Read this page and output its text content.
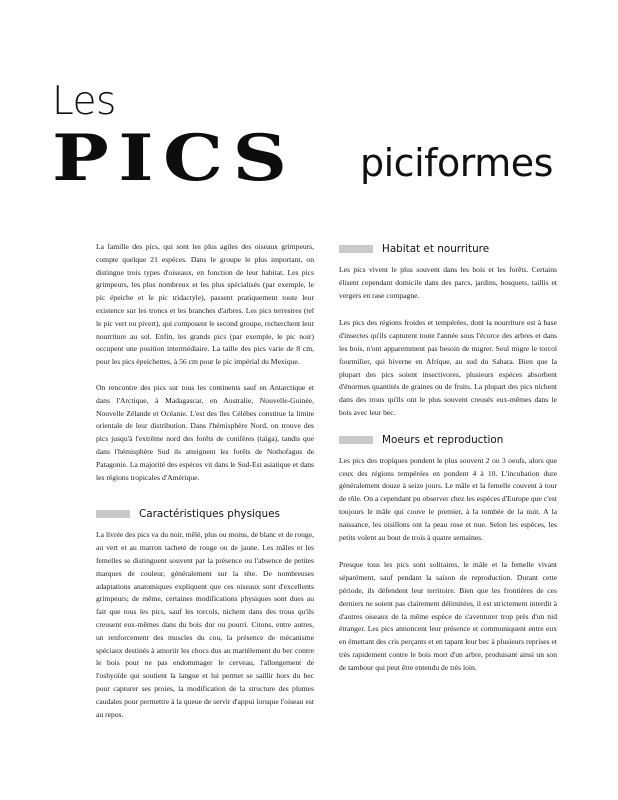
Les
PICS piciformes

La famille des pics, qui sont les plus agiles des oiseaux grimpeurs, compte quelque 21 espèces. Dans le groupe le plus important, on distingue trois types d'oiseaux, en fonction de leur habitat. Les pics grimpeurs, les plus nombreux et les plus spécialisés (par exemple, le pic épeiche et le pic tridactyle), passent pratiquement toute leur existence sur les troncs et les branches d'arbres. Les pics terrestres (tel le pic vert ou pivert), qui composent le second groupe, recherchent leur nourriture au sol. Enfin, les grands pics (par exemple, le pic noir) occupent une position intermédiaire. La taille des pics varie de 8 cm, pour les pics épeichettes, à 56 cm pour le pic impérial du Mexique.

On rencontre des pics sur tous les continents sauf en Antarctique et dans l'Arctique, à Madagascar, en Australie, Nouvelle-Guinée, Nouvelle Zélande et Océanie. L'est des îles Célèbes constitue la limite orientale de leur distribution. Dans l'hémisphère Nord, on trouve des pics jusqu'à l'extrême nord des forêts de conifères (taïga), tandis que dans l'hémisphère Sud ils atteignent les forêts de Nothofagus de Patagonie. La majorité des espèces vit dans le Sud-Est asiatique et dans les régions tropicales d'Amérique.

Caractéristiques physiques

La livrée des pics va du noir, mêlé, plus ou moins, de blanc et de rouge, au vert et au marron tacheté de rouge ou de jaune. Les mâles et les femelles se distinguent souvent par la présence ou l'absence de petites marques de couleur, généralement sur la tête. De nombreuses adaptations anatomiques expliquent que ces oiseaux sont d'excellents grimpeurs; de même, certaines modifications physiques sont dues au fait que tous les pics, sauf les torcols, nichent dans des trous qu'ils creusent eux-mêmes dans du bois dur ou pourri. Citons, entre autres, un renforcement des muscles du cou, la présence de mécanisme spéciaux destinés à amortir les chocs dus au martèlement du bec contre le bois pour ne pas endommager le cerveau, l'allongement de l'oshyoïde qui soutient la langue et lui permet se saillir hors du bec pour capturer ses proies, la modification de la structure des plumes caudales pour permettre à la queue de servir d'appui lorsque l'oiseau est au repos.

Habitat et nourriture

Les pics vivent le plus souvent dans les bois et les forêts. Certains élisent cependant domicile dans des parcs, jardins, bosquets, taillis et vergers en rase compagne.

Les pics des régions froides et tempérées, dont la nourriture est à base d'insectes qu'ils capturent toute l'année sous l'écorce des arbres et dans les bois, n'ont apparemment pas besoin de migrer. Seul migre le torcol fourmilier, qui hiverne en Afrique, au sud du Sahara. Bien que la plupart des pics soient insectivores, plusieurs espèces absorbent d'énormes quantités de graines ou de fruits. La plupart des pics nichent dans des trous qu'ils ont le plus souvent creusés eux-mêmes dans le bois avec leur bec.

Moeurs et reproduction

Les pics des tropiques pondent le plus souvent 2 ou 3 oeufs, alors que ceux des régions tempérées en pondent 4 à 10. L'incubation dure généralement douze à seize jours. Le mâle et la femelle couvent à tour de rôle. On a cependant pu observer chez les espèces d'Europe que c'est toujours le mâle qui couve le premier, à la tombée de la nuit. A la naissance, les oisillons ont la peau rose et nue. Selon les espèces, les petits volent au bout de trois à quatre semaines.

Presque tous les pics sont solitaires, le mâle et la femelle vivant séparément, sauf pendant la saison de reproduction. Durant cette période, ils défendent leur territoire. Bien que les frontières de ces derniers ne soient pas clairement délimitées, il est strictement interdit à d'autres oiseaux de la même espèce de s'aventurer trop près d'un nid étranger. Les pics annoncent leur présence et communiquent entre eux en émettant des cris perçants et en tapant leur bec à plusieurs reprises et très rapidement contre le bois mort d'un arbre, produisant ainsi un son de tambour qui peut être entendu de très loin.
